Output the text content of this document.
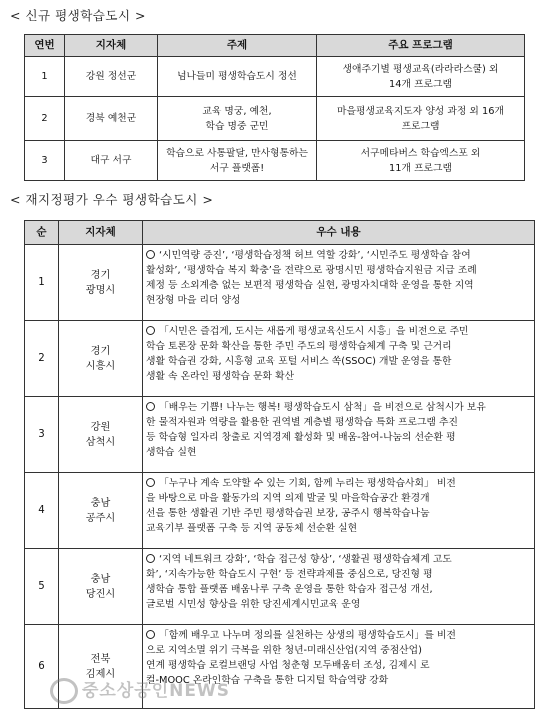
< 신규 평생학습도시 >
연번	지자체	주제	주요 프로그램
1	강원 정선군	넘나들미 평생학습도시 정선	생애주기별 평생교육(라라라스쿨) 외
14개 프로그램

2	경북 예천군	교육 명궁, 예천,
학습 명중 군민	마을평생교육지도자 양성 과정 외 16개
프로그램

3	대구 서구	학습으로 사통팔달, 만사형통하는
서구 플랫폼!	서구메타버스 학습엑스포 외
11개 프로그램
< 재지정평가 우수 평생학습도시 >
순	지자체	우수 내용
1	경기
광명시	‘시민역량 증진’, ‘평생학습정책 허브 역할 강화’, ‘시민주도 평생학습 참여
활성화’, ‘평생학습 복지 확충’을 전략으로 광명시민 평생학습지원금 지급 조례
제정 등 소외계층 없는 보편적 평생학습 실현, 광명자치대학 운영을 통한 지역
현장형 마을 리더 양성

2	경기
시흥시	「시민은 즐겁게, 도시는 새롭게 평생교육신도시 시흥」을 비전으로 주민
학습 토론장 문화 확산을 통한 주민 주도의 평생학습체계 구축 및 근거리
생활 학습권 강화, 시흥형 교육 포털 서비스 쏙(SSOC) 개발 운영을 통한
생활 속 온라인 평생학습 문화 확산

3	강원
삼척시	「배우는 기쁨! 나누는 행복! 평생학습도시 삼척」을 비전으로 삼척시가 보유
한 물적자원과 역량을 활용한 권역별 계층별 평생학습 특화 프로그램 추진
등 학습형 일자리 창출로 지역경제 활성화 및 배움-참여-나눔의 선순환 평
생학습 실현

4	충남
공주시	「누구나 계속 도약할 수 있는 기회, 함께 누리는 평생학습사회」 비전
을 바탕으로 마을 활동가의 지역 의제 발굴 및 마을학습공간 환경개
선을 통한 생활권 기반 주민 평생학습권 보장, 공주시 행복학습나눔
교육기부 플랫폼 구축 등 지역 공동체 선순환 실현

5	충남
당진시	‘지역 네트워크 강화’, ‘학습 접근성 향상’, ‘생활권 평생학습체계 고도
화’, ‘지속가능한 학습도시 구현’ 등 전략과제를 중심으로, 당진형 평
생학습 통합 플랫폼 배움나루 구축 운영을 통한 학습자 접근성 개선,
글로벌 시민성 향상을 위한 당진세계시민교육 운영

6	전북
김제시	「함께 배우고 나누며 정의를 실천하는 상생의 평생학습도시」를 비전
으로 지역소멸 위기 극복을 위한 청년-미래신산업(지역 중점산업)
연계 평생학습 로컬브랜딩 사업 청춘형 모두배움터 조성, 김제시 로
컬-MOOC 온라인학습 구축을 통한 디지털 학습역량 강화
중소상공인NEWS
